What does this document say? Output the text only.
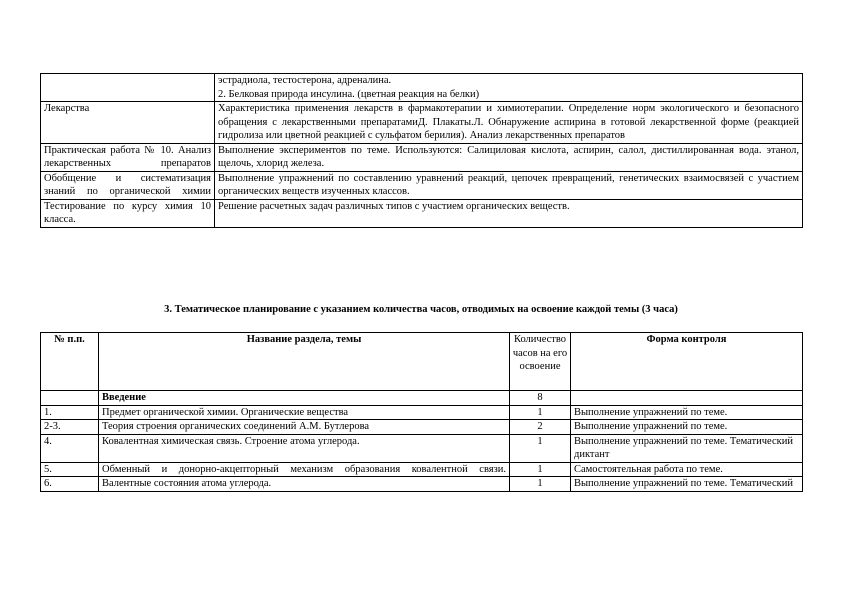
	эстрадиола, тестостерона, адреналина.
2. Белковая природа инсулина. (цветная реакция на белки)

Лекарства	Характеристика применения лекарств в фармакотерапии и химиотерапии. Определение норм экологического и безопасного обращения с лекарственными препаратамиД. Плакаты.Л. Обнаружение аспирина в готовой лекарственной форме (реакцией гидролиза или цветной реакцией с сульфатом берилия). Анализ лекарственных препаратов
Практическая работа № 10. Анализ лекарственных препаратов	Выполнение экспериментов по теме. Используются: Салициловая кислота, аспирин, салол, дистиллированная вода. этанол, щелочь, хлорид железа.
Обобщение и систематизация знаний по органической химии	Выполнение упражнений по составлению уравнений реакций, цепочек превращений, генетических взаимосвязей с участием органических веществ изученных классов.
Тестирование по курсу химия 10 класса.	Решение расчетных задач различных типов с участием органических веществ.
3. Тематическое планирование с указанием количества часов, отводимых на освоение каждой темы (3 часа)
№ п.п.	Название раздела, темы	Количество часов на его освоение	Форма контроля
	Введение	8	
1.	Предмет органической химии. Органические вещества	1	Выполнение упражнений по теме.
2-3.	Теория строения органических соединений А.М. Бутлерова	2	Выполнение упражнений по теме.
4.	Ковалентная химическая связь. Строение атома углерода.	1	Выполнение упражнений по теме. Тематический диктант
5.	Обменный и донорно-акцепторный механизм образования ковалентной связи.	1	Самостоятельная работа по теме.
6.	Валентные состояния атома углерода.	1	Выполнение упражнений по теме. Тематический
